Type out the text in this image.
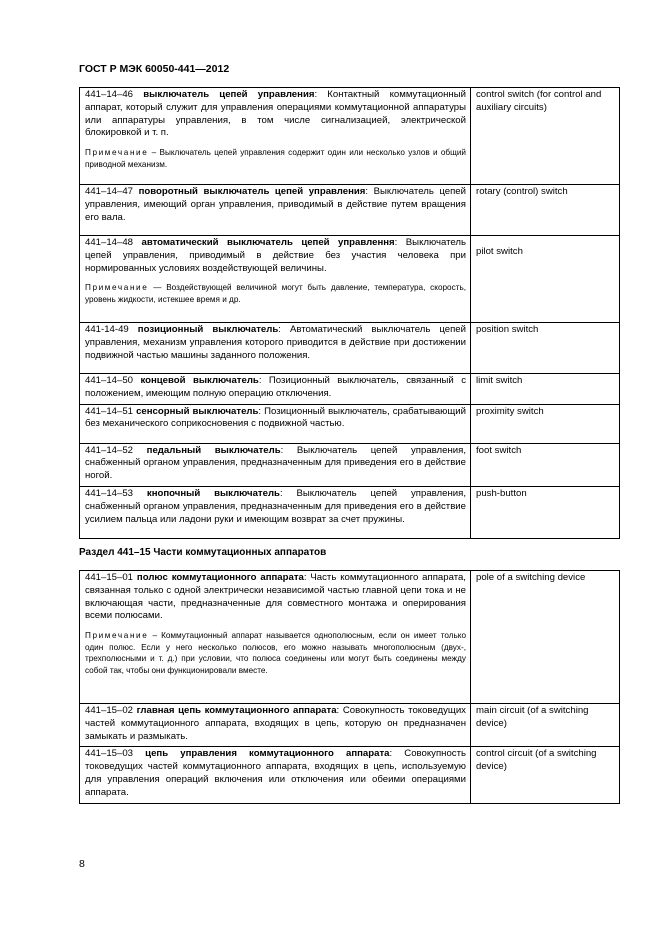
ГОСТ Р МЭК 60050-441—2012
441–14–46 выключатель цепей управления: Контактный коммутационный аппарат, который служит для управления операциями коммутационной аппаратуры или аппаратуры управления, в том числе сигнализацией, электрической блокировкой и т. п.
Примечание – Выключатель цепей управления содержит один или несколько узлов и общий приводной механизм.	control switch (for control and auxiliary circuits)
441–14–47 поворотный выключатель цепей управления: Выключатель цепей управления, имеющий орган управления, приводимый в действие путем вращения его вала.	rotary (control) switch
441–14–48 автоматический выключатель цепей управлення: Выключатель цепей управления, приводимый в действие без участия человека при нормированных условиях воздействующей величины.
Примечание — Воздействующей величиной могут быть давление, температура, скорость, уровень жидкости, истекшее время и др.	pilot switch
441-14-49 позиционный выключатель: Автоматический выключатель цепей управления, механизм управления которого приводится в действие при достижении подвижной частью машины заданного положения.	position switch
441–14–50 концевой выключатель: Позиционный выключатель, связанный с положением, имеющим полную операцию отключения.	limit switch
441–14–51 сенсорный выключатель: Позиционный выключатель, срабатывающий без механического соприкосновения с подвижной частью.	proximity switch
441–14–52 педальный выключатель: Выключатель цепей управления, снабженный органом управления, предназначенным для приведения его в действие ногой.	foot switch
441–14–53 кнопочный выключатель: Выключатель цепей управления, снабженный органом управления, предназначенным для приведения его в действие усилием пальца или ладони руки и имеющим возврат за счет пружины.	push-button
Раздел 441–15 Части коммутационных аппаратов
441–15–01 полюс коммутационного аппарата: Часть коммутационного аппарата, связанная только с одной электрически независимой частью главной цепи тока и не включающая части, предназначенные для совместного монтажа и оперирования всеми полюсами.
Примечание – Коммутационный аппарат называется однополюсным, если он имеет только один полюс. Если у него несколько полюсов, его можно называть многополюсным (двух-, трехполюсными и т. д.) при условии, что полюса соединены или могут быть соединены между собой так, чтобы они функционировали вместе.	pole of a switching device
441–15–02 главная цепь коммутационного аппарата: Совокупность токоведущих частей коммутационного аппарата, входящих в цепь, которую он предназначен замыкать и размыкать.	main circuit (of a switching device)
441–15–03 цепь управления коммутационного аппарата: Совокупность токоведущих частей коммутационного аппарата, входящих в цепь, используемую для управления операций включения или отключения или обеими операциями аппарата.	control circuit (of a switching device)
8
